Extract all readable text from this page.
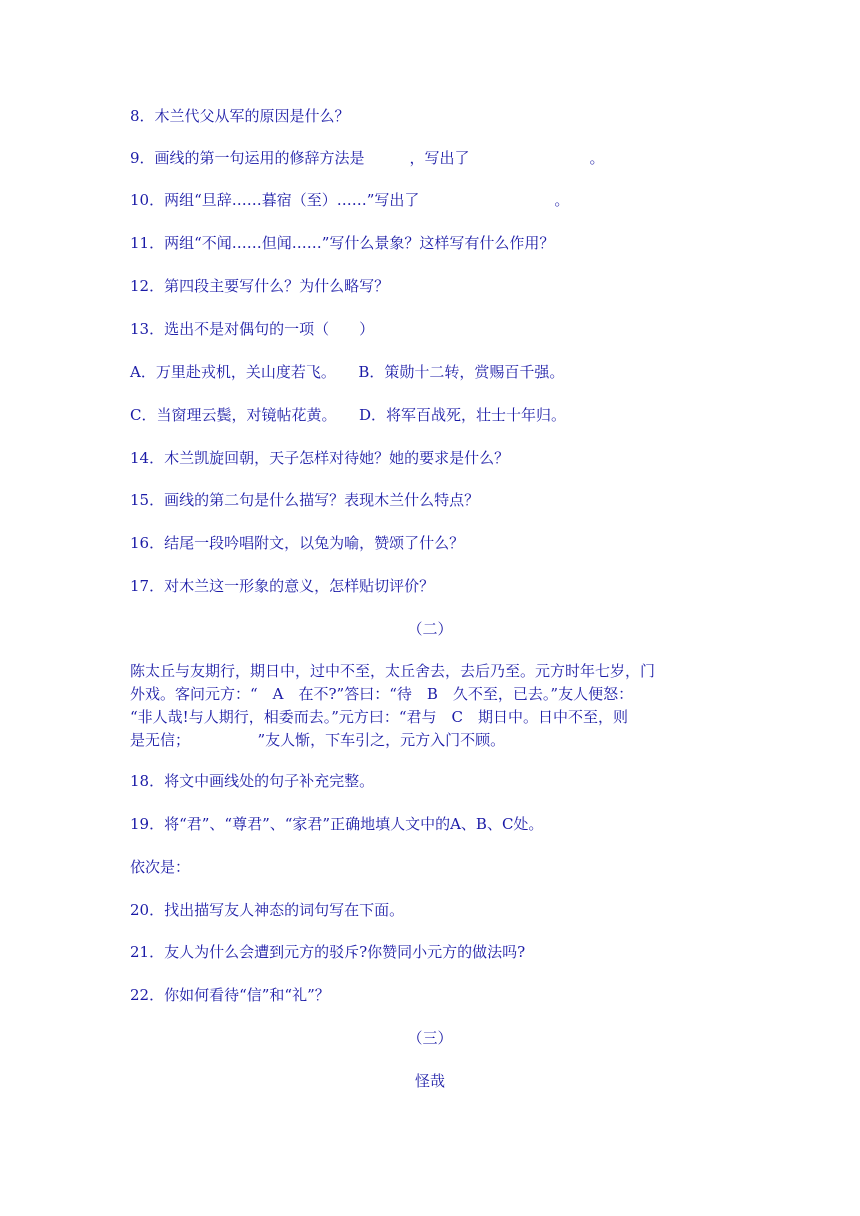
8．木兰代父从军的原因是什么？
9．画线的第一句运用的修辞方法是　　　，写出了　　　　　　　　。
10．两组“旦辞……暮宿（至）……”写出了　　　　　　　　　。
11．两组“不闻……但闻……”写什么景象？这样写有什么作用？
12．第四段主要写什么？为什么略写？
13．选出不是对偶句的一项（　　）
A．万里赴戎机，关山度若飞。　　B．策勋十二转，赏赐百千强。
C．当窗理云鬓，对镜帖花黄。　　D．将军百战死，壮士十年归。
14．木兰凯旋回朝，天子怎样对待她？她的要求是什么？
15．画线的第二句是什么描写？表现木兰什么特点？
16．结尾一段吟唱附文，以兔为喻，赞颂了什么？
17．对木兰这一形象的意义，怎样贴切评价？
（二）
陈太丘与友期行，期日中，过中不至，太丘舍去，去后乃至。元方时年七岁，门
外戏。客问元方：“　A　在不?”答曰：“待　B　久不至，已去。”友人便怒：
“非人哉!与人期行，相委而去。”元方曰：“君与　C　期日中。日中不至，则
是无信；　　　　　”友人惭，下车引之，元方入门不顾。
18．将文中画线处的句子补充完整。
19．将“君”、“尊君”、“家君”正确地填人文中的A、B、C处。
依次是：
20．找出描写友人神态的词句写在下面。
21．友人为什么会遭到元方的驳斥?你赞同小元方的做法吗?
22．你如何看待“信”和“礼”？
（三）
怪哉
